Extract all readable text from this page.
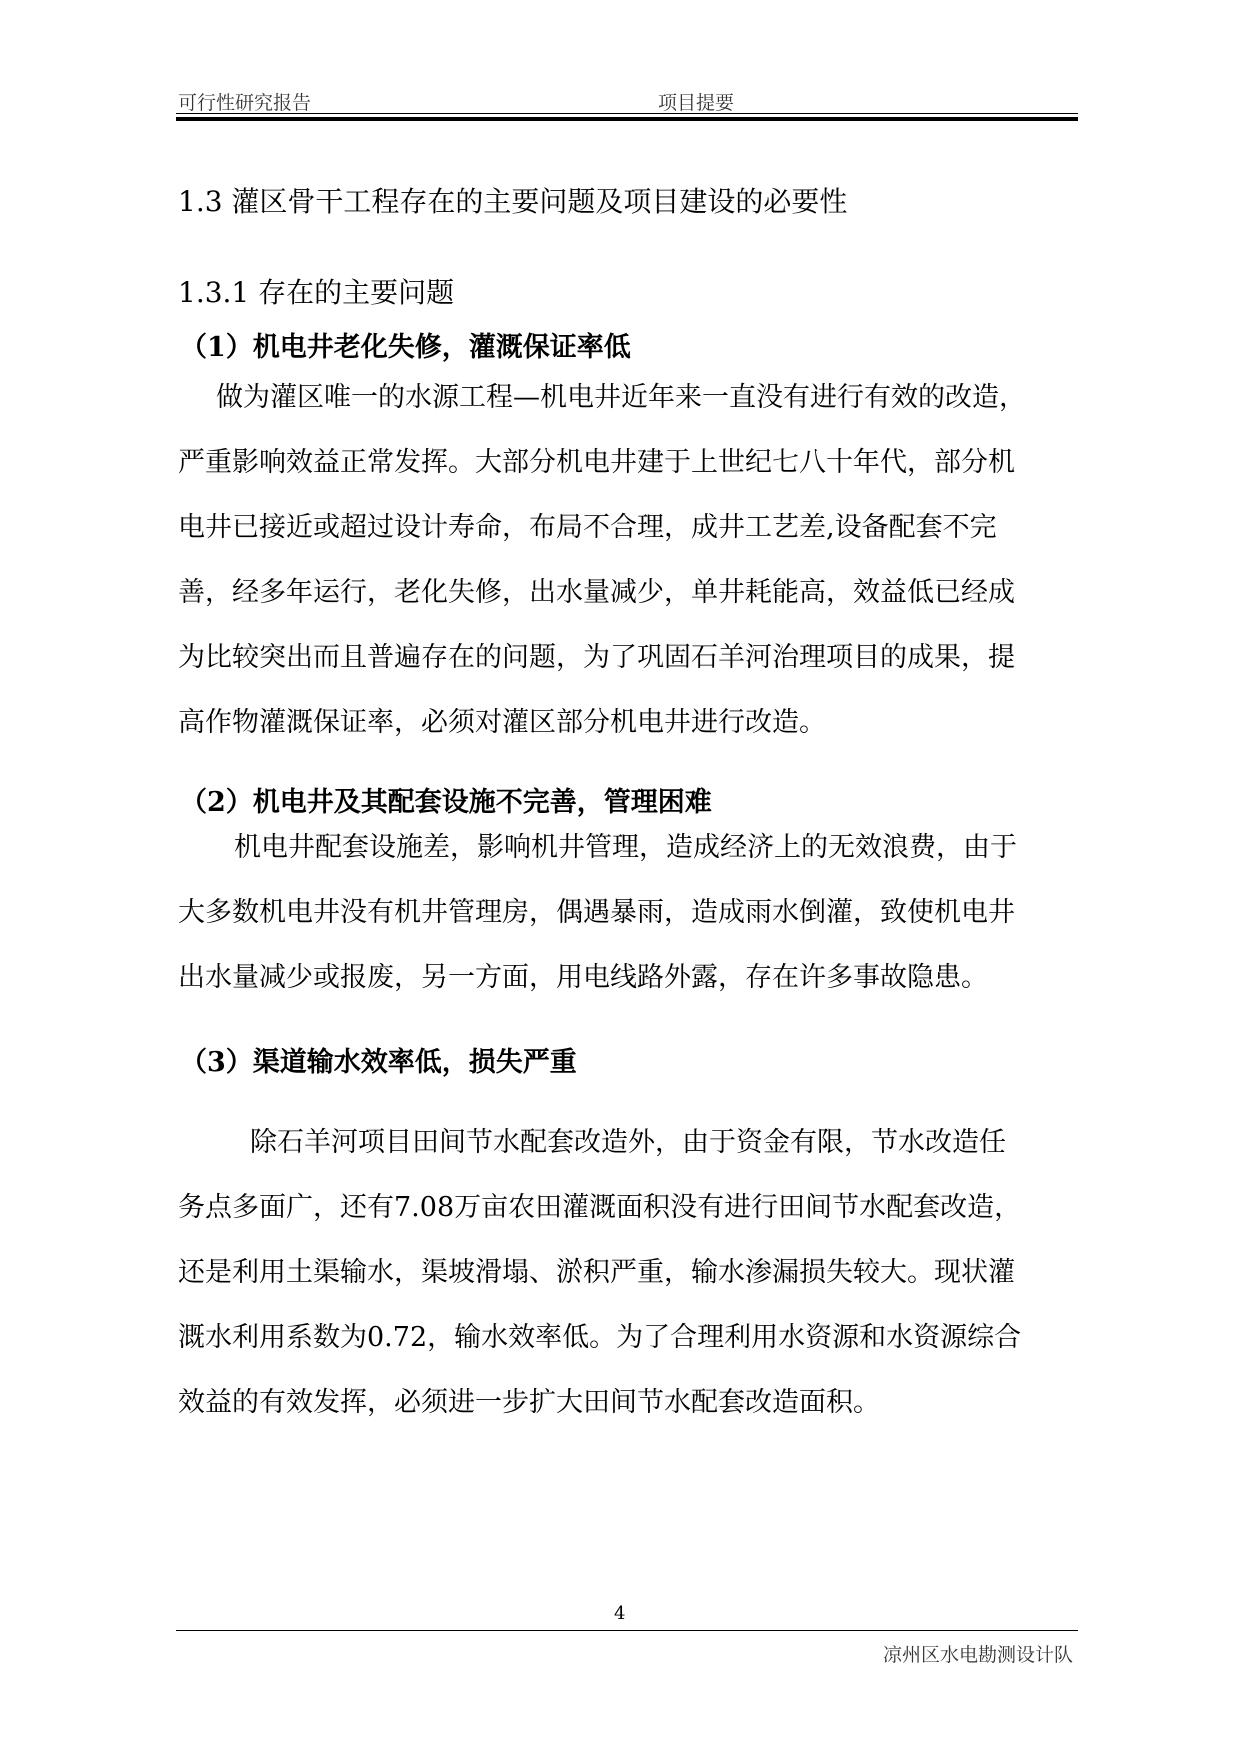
可行性研究报告	项目提要
1.3 灌区骨干工程存在的主要问题及项目建设的必要性
1.3.1 存在的主要问题
（1）机电井老化失修，灌溉保证率低
做为灌区唯一的水源工程—机电井近年来一直没有进行有效的改造，
严重影响效益正常发挥。大部分机电井建于上世纪七八十年代，部分机
电井已接近或超过设计寿命，布局不合理，成井工艺差,设备配套不完
善，经多年运行，老化失修，出水量减少，单井耗能高，效益低已经成
为比较突出而且普遍存在的问题，为了巩固石羊河治理项目的成果，提
高作物灌溉保证率，必须对灌区部分机电井进行改造。
（2）机电井及其配套设施不完善，管理困难
机电井配套设施差，影响机井管理，造成经济上的无效浪费，由于
大多数机电井没有机井管理房，偶遇暴雨，造成雨水倒灌，致使机电井
出水量减少或报废，另一方面，用电线路外露，存在许多事故隐患。
（3）渠道输水效率低，损失严重
除石羊河项目田间节水配套改造外，由于资金有限，节水改造任
务点多面广，还有7.08万亩农田灌溉面积没有进行田间节水配套改造，
还是利用土渠输水，渠坡滑塌、淤积严重，输水渗漏损失较大。现状灌
溉水利用系数为0.72，输水效率低。为了合理利用水资源和水资源综合
效益的有效发挥，必须进一步扩大田间节水配套改造面积。
4
凉州区水电勘测设计队
